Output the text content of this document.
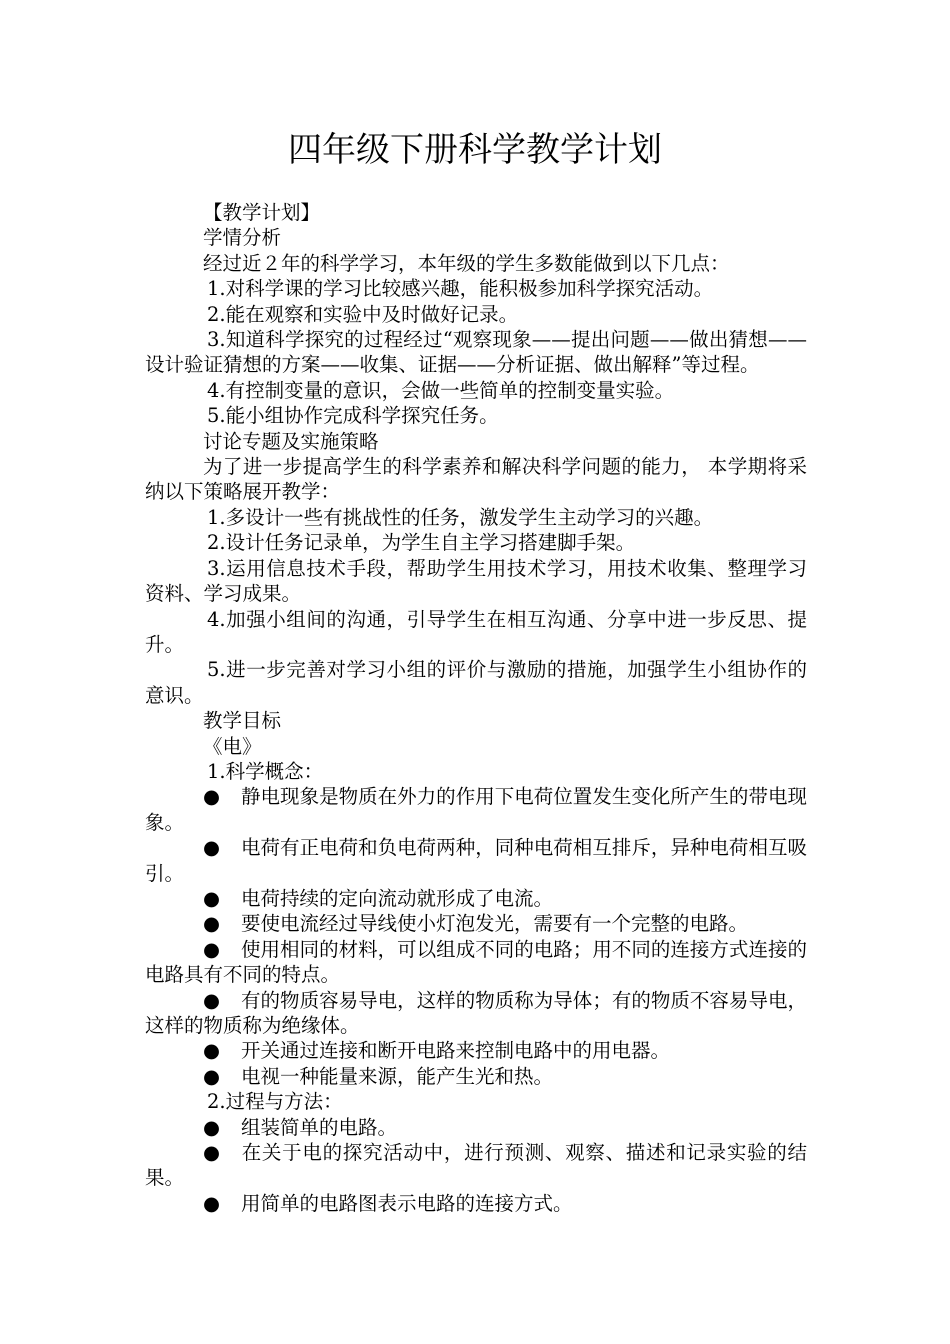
四年级下册科学教学计划
【教学计划】
学情分析
经过近２年的科学学习，本年级的学生多数能做到以下几点：
1.对科学课的学习比较感兴趣，能积极参加科学探究活动。
2.能在观察和实验中及时做好记录。
3.知道科学探究的过程经过“观察现象——提出问题——做出猜想——设计验证猜想的方案——收集、证据——分析证据、做出解释”等过程。
4.有控制变量的意识，会做一些简单的控制变量实验。
5.能小组协作完成科学探究任务。
讨论专题及实施策略
为了进一步提高学生的科学素养和解决科学问题的能力， 本学期将采纳以下策略展开教学：
1.多设计一些有挑战性的任务，激发学生主动学习的兴趣。
2.设计任务记录单，为学生自主学习搭建脚手架。
3.运用信息技术手段，帮助学生用技术学习，用技术收集、整理学习资料、学习成果。
4.加强小组间的沟通，引导学生在相互沟通、分享中进一步反思、提升。
5.进一步完善对学习小组的评价与激励的措施，加强学生小组协作的意识。
教学目标
《电》
1.科学概念：
● 静电现象是物质在外力的作用下电荷位置发生变化所产生的带电现象。
● 电荷有正电荷和负电荷两种，同种电荷相互排斥，异种电荷相互吸引。
● 电荷持续的定向流动就形成了电流。
● 要使电流经过导线使小灯泡发光，需要有一个完整的电路。
● 使用相同的材料，可以组成不同的电路；用不同的连接方式连接的电路具有不同的特点。
● 有的物质容易导电，这样的物质称为导体；有的物质不容易导电，这样的物质称为绝缘体。
● 开关通过连接和断开电路来控制电路中的用电器。
● 电视一种能量来源，能产生光和热。
2.过程与方法：
● 组装简单的电路。
● 在关于电的探究活动中，进行预测、观察、描述和记录实验的结果。
● 用简单的电路图表示电路的连接方式。
